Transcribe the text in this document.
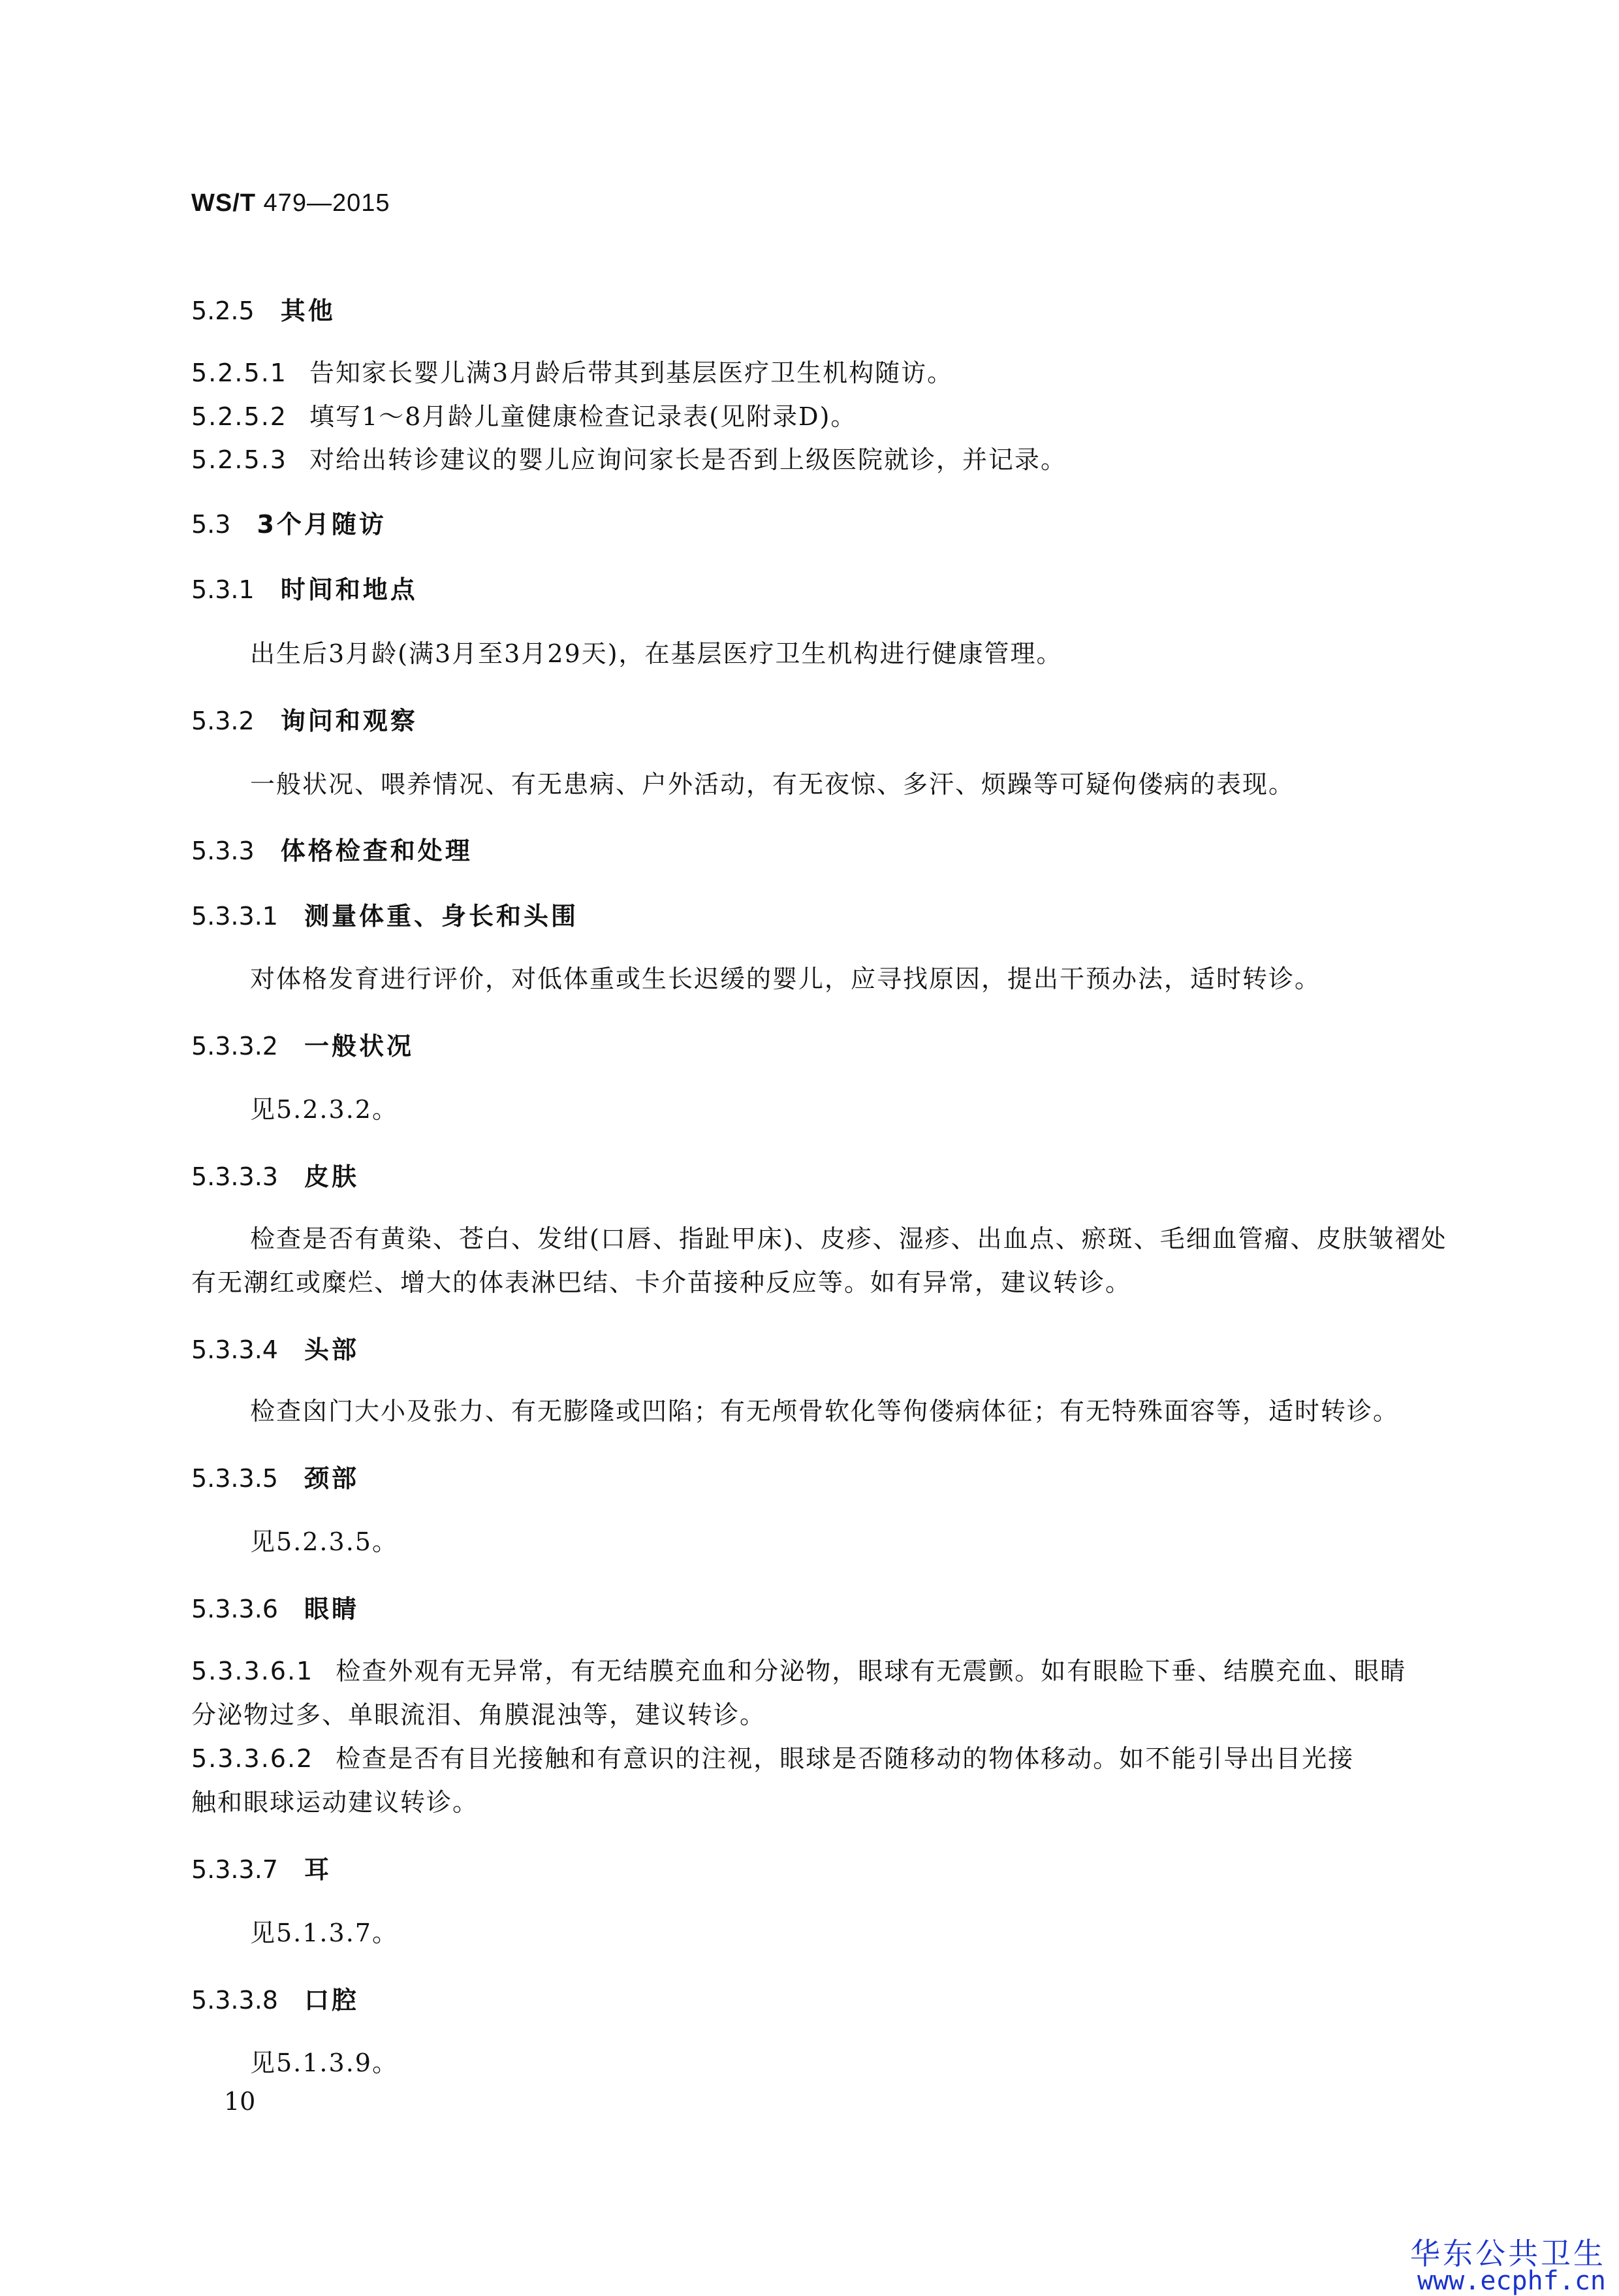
WS/T 479—2015
5.2.5 其他
5.2.5.1 告知家长婴儿满3月龄后带其到基层医疗卫生机构随访。
5.2.5.2 填写1～8月龄儿童健康检查记录表(见附录D)。
5.2.5.3 对给出转诊建议的婴儿应询问家长是否到上级医院就诊，并记录。
5.3 3个月随访
5.3.1 时间和地点
出生后3月龄(满3月至3月29天)，在基层医疗卫生机构进行健康管理。
5.3.2 询问和观察
一般状况、喂养情况、有无患病、户外活动，有无夜惊、多汗、烦躁等可疑佝偻病的表现。
5.3.3 体格检查和处理
5.3.3.1 测量体重、身长和头围
对体格发育进行评价，对低体重或生长迟缓的婴儿，应寻找原因，提出干预办法，适时转诊。
5.3.3.2 一般状况
见5.2.3.2。
5.3.3.3 皮肤
检查是否有黄染、苍白、发绀(口唇、指趾甲床)、皮疹、湿疹、出血点、瘀斑、毛细血管瘤、皮肤皱褶处
有无潮红或糜烂、增大的体表淋巴结、卡介苗接种反应等。如有异常，建议转诊。
5.3.3.4 头部
检查囟门大小及张力、有无膨隆或凹陷；有无颅骨软化等佝偻病体征；有无特殊面容等，适时转诊。
5.3.3.5 颈部
见5.2.3.5。
5.3.3.6 眼睛
5.3.3.6.1 检查外观有无异常，有无结膜充血和分泌物，眼球有无震颤。如有眼睑下垂、结膜充血、眼睛
分泌物过多、单眼流泪、角膜混浊等，建议转诊。
5.3.3.6.2 检查是否有目光接触和有意识的注视，眼球是否随移动的物体移动。如不能引导出目光接
触和眼球运动建议转诊。
5.3.3.7 耳
见5.1.3.7。
5.3.3.8 口腔
见5.1.3.9。
10
华东公共卫生
www.ecphf.cn
